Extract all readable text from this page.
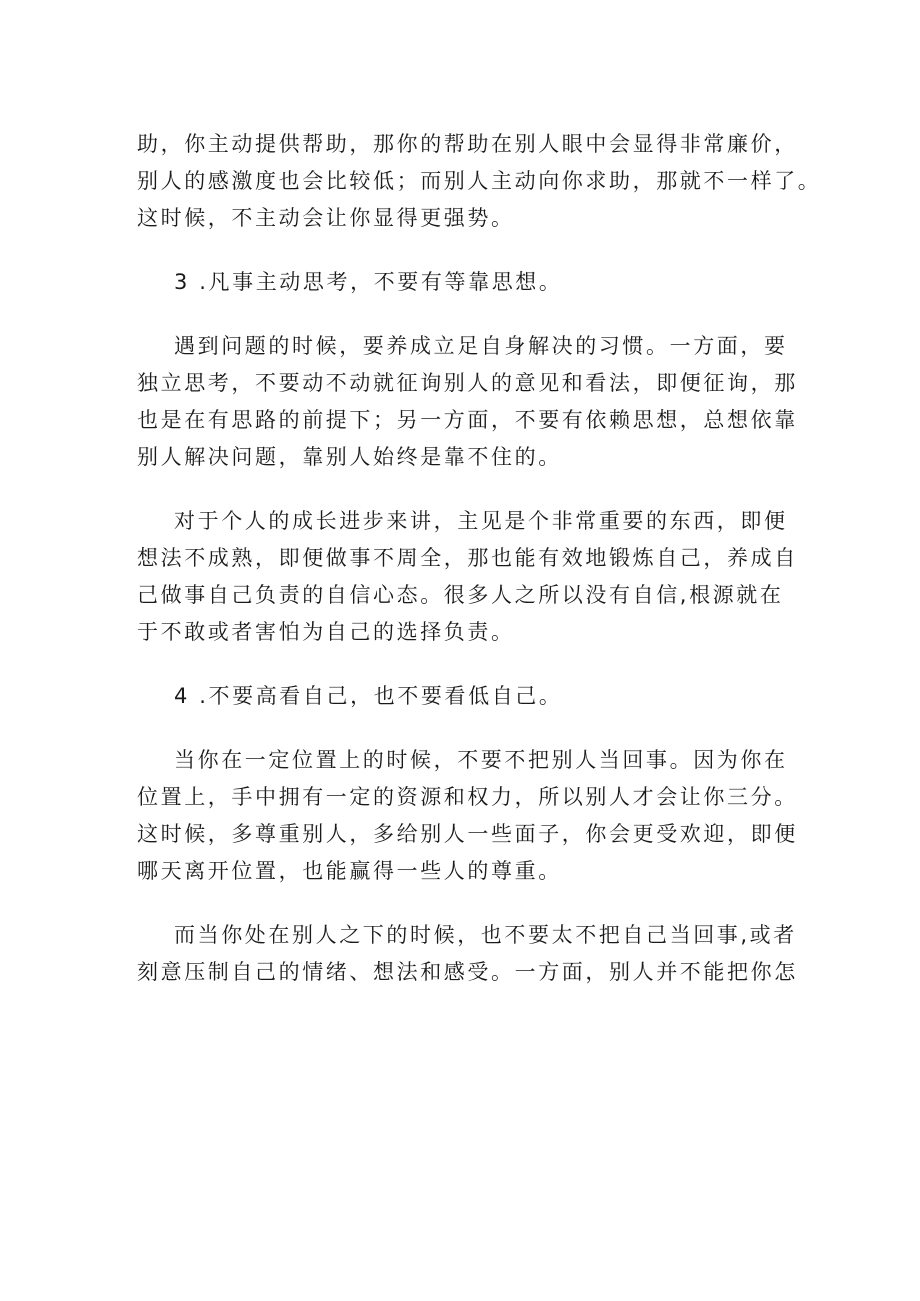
助，你主动提供帮助，那你的帮助在别人眼中会显得非常廉价，
别人的感激度也会比较低；而别人主动向你求助，那就不一样了。
这时候，不主动会让你显得更强势。

3 .凡事主动思考，不要有等靠思想。

遇到问题的时候，要养成立足自身解决的习惯。一方面，要
独立思考，不要动不动就征询别人的意见和看法，即便征询，那
也是在有思路的前提下；另一方面，不要有依赖思想，总想依靠
别人解决问题，靠别人始终是靠不住的。

对于个人的成长进步来讲，主见是个非常重要的东西，即便
想法不成熟，即便做事不周全，那也能有效地锻炼自己，养成自
己做事自己负责的自信心态。很多人之所以没有自信,根源就在
于不敢或者害怕为自己的选择负责。

4 .不要高看自己，也不要看低自己。

当你在一定位置上的时候，不要不把别人当回事。因为你在
位置上，手中拥有一定的资源和权力，所以别人才会让你三分。
这时候，多尊重别人，多给别人一些面子，你会更受欢迎，即便
哪天离开位置，也能赢得一些人的尊重。

而当你处在别人之下的时候，也不要太不把自己当回事,或者
刻意压制自己的情绪、想法和感受。一方面，别人并不能把你怎
